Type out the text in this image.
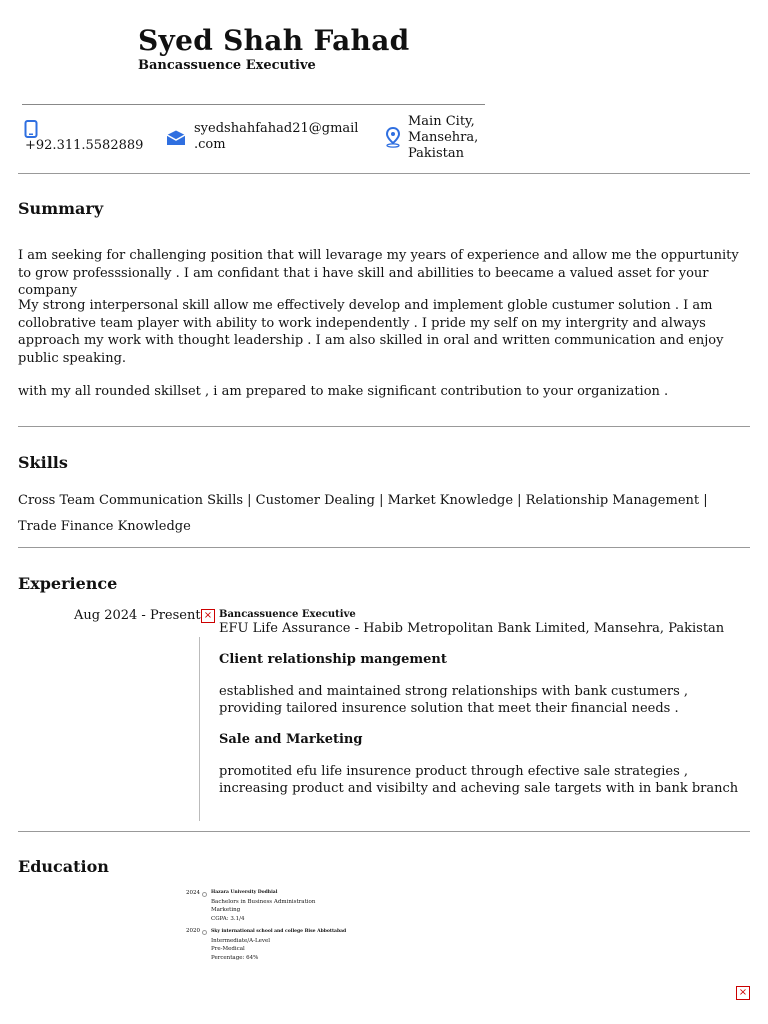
Syed Shah Fahad
Bancassuence Executive
+92.311.5582889
syedshahfahad21@gmail
.com
Main City,
Mansehra,
Pakistan
Summary
I am seeking for challenging position that will levarage my years of experience and allow me the oppurtunity to grow professsionally . I am confidant that i have skill and abillities to beecame a valued asset for your company
My strong interpersonal skill allow me effectively develop and implement globle custumer solution . I am collobrative team player with ability to work independently . I pride my self on my intergrity and always approach my work with thought leadership . I am also skilled in oral and written communication and enjoy public speaking.
with my all rounded skillset , i am prepared to make significant contribution to your organization .
Skills
Cross Team Communication Skills | Customer Dealing | Market Knowledge | Relationship Management | Trade Finance Knowledge
Experience
Aug 2024 - Present × Bancassuence Executive
EFU Life Assurance - Habib Metropolitan Bank Limited, Mansehra, Pakistan
Client relationship mangement
established and maintained strong relationships with bank custumers , providing tailored insurence solution that meet their financial needs .
Sale and Marketing
promotited efu life insurence product through efective sale strategies , increasing product and visibilty and acheving sale targets with in bank branch
Education
2024 Hazara University Dodhial
Bachelors in Business Administration
Marketing
CGPA: 3.1/4
2020 Sky international school and college Bise Abbottabad
Intermediate/A-Level
Pre-Medical
Percentage: 64%
×
